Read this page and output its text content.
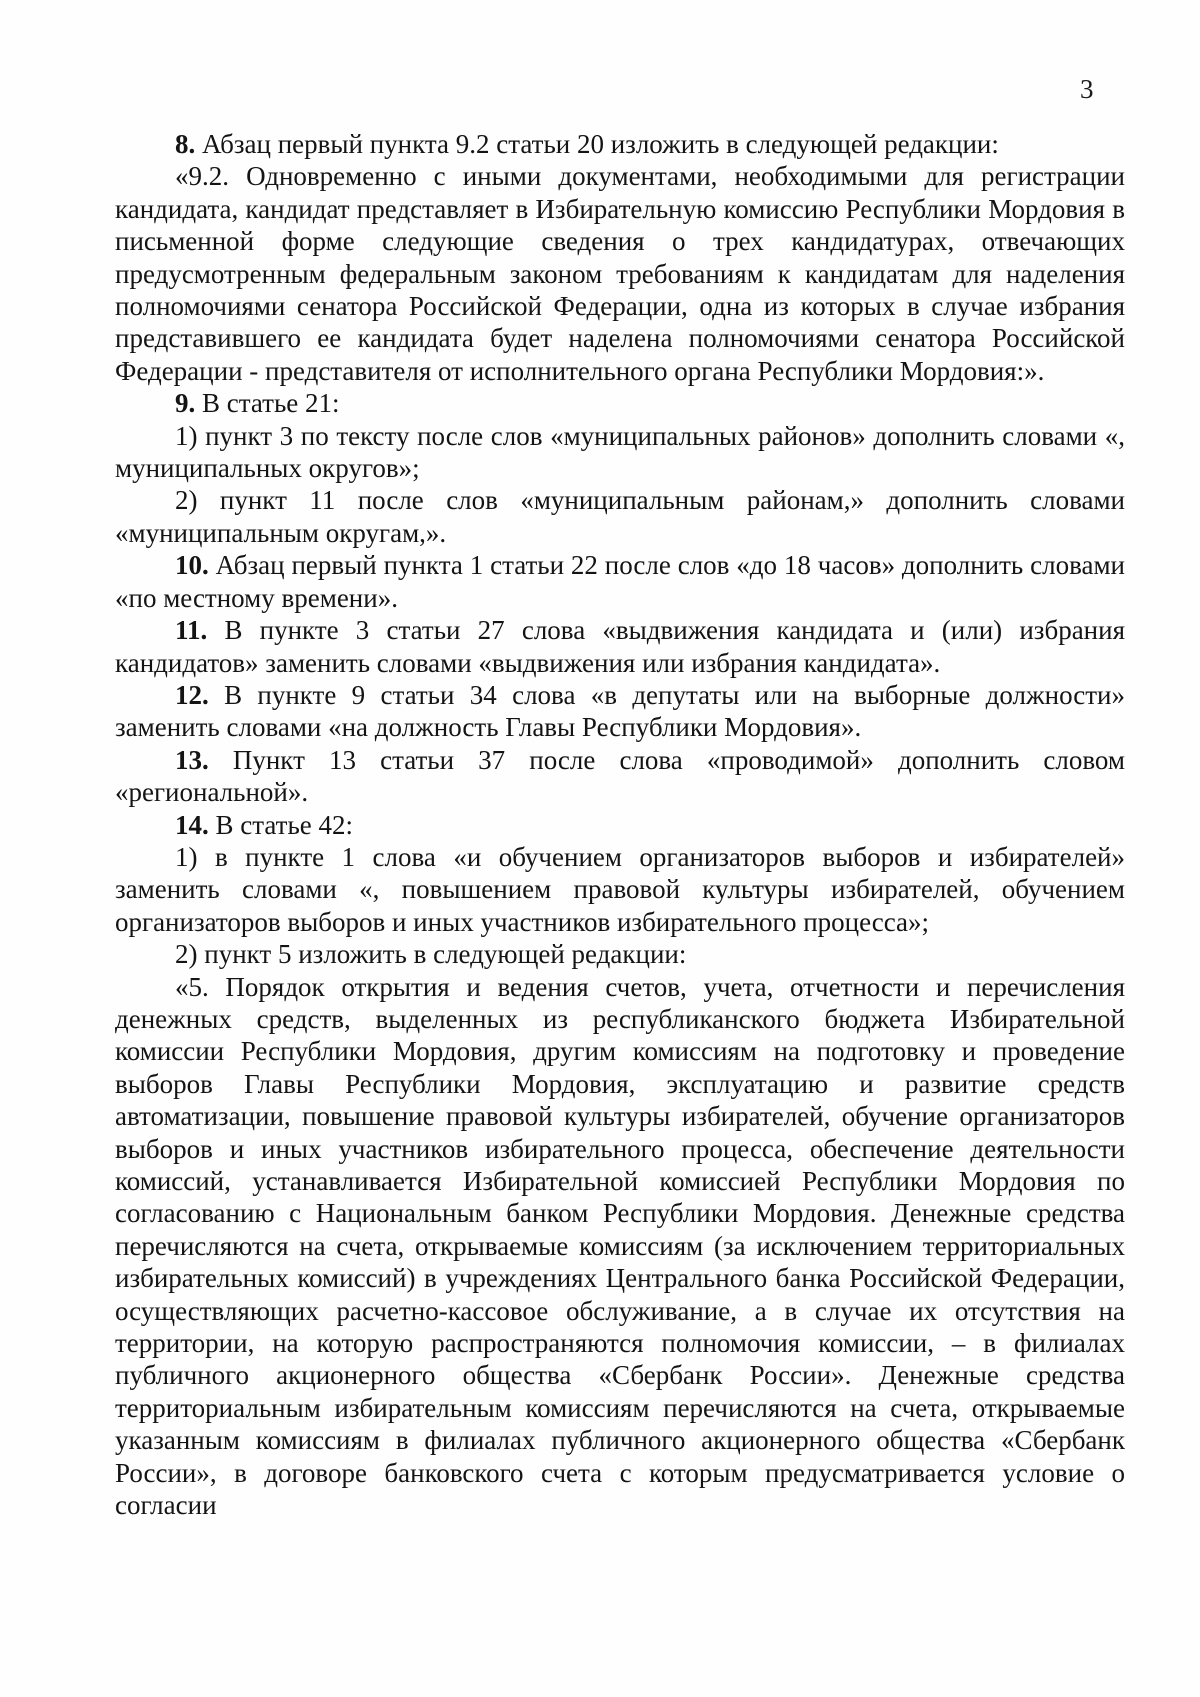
3

8. Абзац первый пункта 9.2 статьи 20 изложить в следующей редакции:

«9.2. Одновременно с иными документами, необходимыми для регистрации кандидата, кандидат представляет в Избирательную комиссию Республики Мордовия в письменной форме следующие сведения о трех кандидатурах, отвечающих предусмотренным федеральным законом требованиям к кандидатам для наделения полномочиями сенатора Российской Федерации, одна из которых в случае избрания представившего ее кандидата будет наделена полномочиями сенатора Российской Федерации - представителя от исполнительного органа Республики Мордовия:».

9. В статье 21:

1) пункт 3 по тексту после слов «муниципальных районов» дополнить словами «, муниципальных округов»;

2) пункт 11 после слов «муниципальным районам,» дополнить словами «муниципальным округам,».

10. Абзац первый пункта 1 статьи 22 после слов «до 18 часов» дополнить словами «по местному времени».

11. В пункте 3 статьи 27 слова «выдвижения кандидата и (или) избрания кандидатов» заменить словами «выдвижения или избрания кандидата».

12. В пункте 9 статьи 34 слова «в депутаты или на выборные должности» заменить словами «на должность Главы Республики Мордовия».

13. Пункт 13 статьи 37 после слова «проводимой» дополнить словом «региональной».

14. В статье 42:

1) в пункте 1 слова «и обучением организаторов выборов и избирателей» заменить словами «, повышением правовой культуры избирателей, обучением организаторов выборов и иных участников избирательного процесса»;

2) пункт 5 изложить в следующей редакции:

«5. Порядок открытия и ведения счетов, учета, отчетности и перечисления денежных средств, выделенных из республиканского бюджета Избирательной комиссии Республики Мордовия, другим комиссиям на подготовку и проведение выборов Главы Республики Мордовия, эксплуатацию и развитие средств автоматизации, повышение правовой культуры избирателей, обучение организаторов выборов и иных участников избирательного процесса, обеспечение деятельности комиссий, устанавливается Избирательной комиссией Республики Мордовия по согласованию с Национальным банком Республики Мордовия. Денежные средства перечисляются на счета, открываемые комиссиям (за исключением территориальных избирательных комиссий) в учреждениях Центрального банка Российской Федерации, осуществляющих расчетно-кассовое обслуживание, а в случае их отсутствия на территории, на которую распространяются полномочия комиссии, – в филиалах публичного акционерного общества «Сбербанк России». Денежные средства территориальным избирательным комиссиям перечисляются на счета, открываемые указанным комиссиям в филиалах публичного акционерного общества «Сбербанк России», в договоре банковского счета с которым предусматривается условие о согласии
